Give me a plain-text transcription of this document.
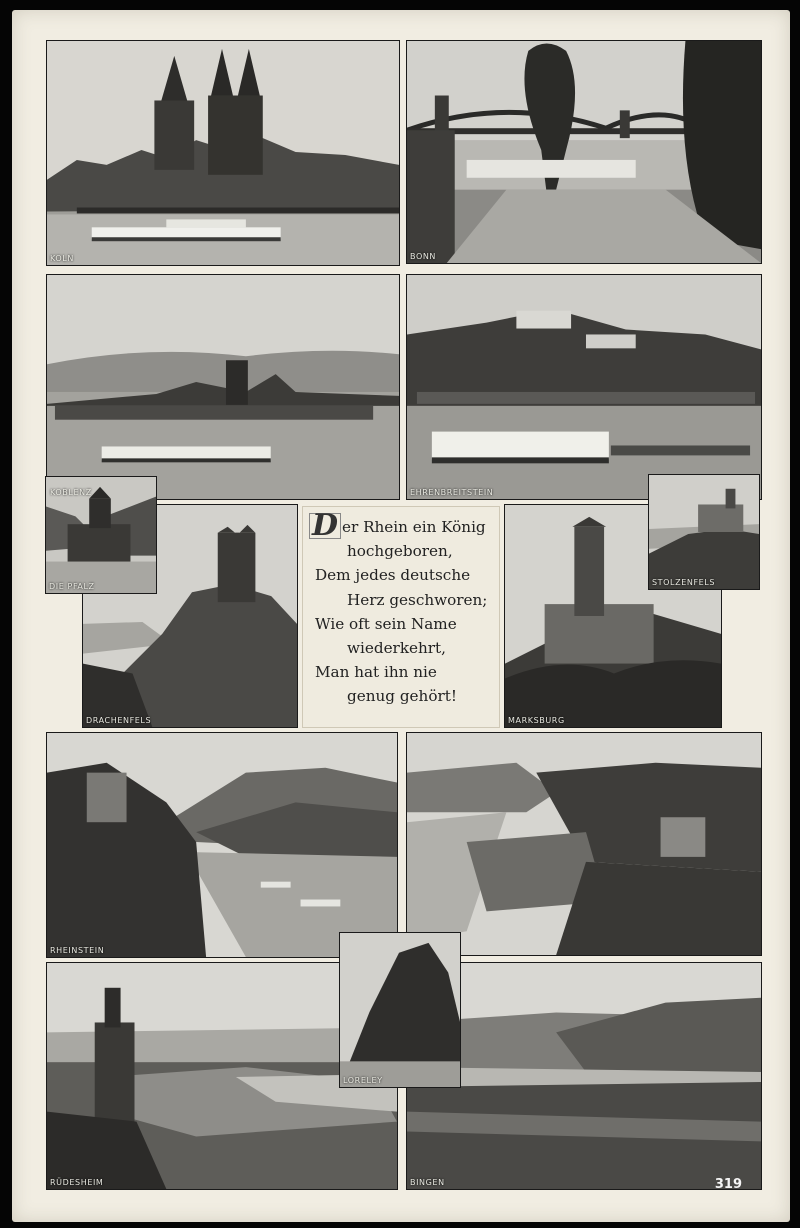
KOLN	BONN
KOBLENZ	EHRENBREITSTEIN
DRACHENFELS
DIE PFALZ
D er Rhein ein König
hochgeboren,
Dem jedes deutsche
Herz geschworen;
Wie oft sein Name
wiederkehrt,
Man hat ihn nie
genug gehört!
MARKSBURG
STOLZENFELS
RHEINSTEIN
RÜDESHEIM	BINGEN
LORELEY
319
